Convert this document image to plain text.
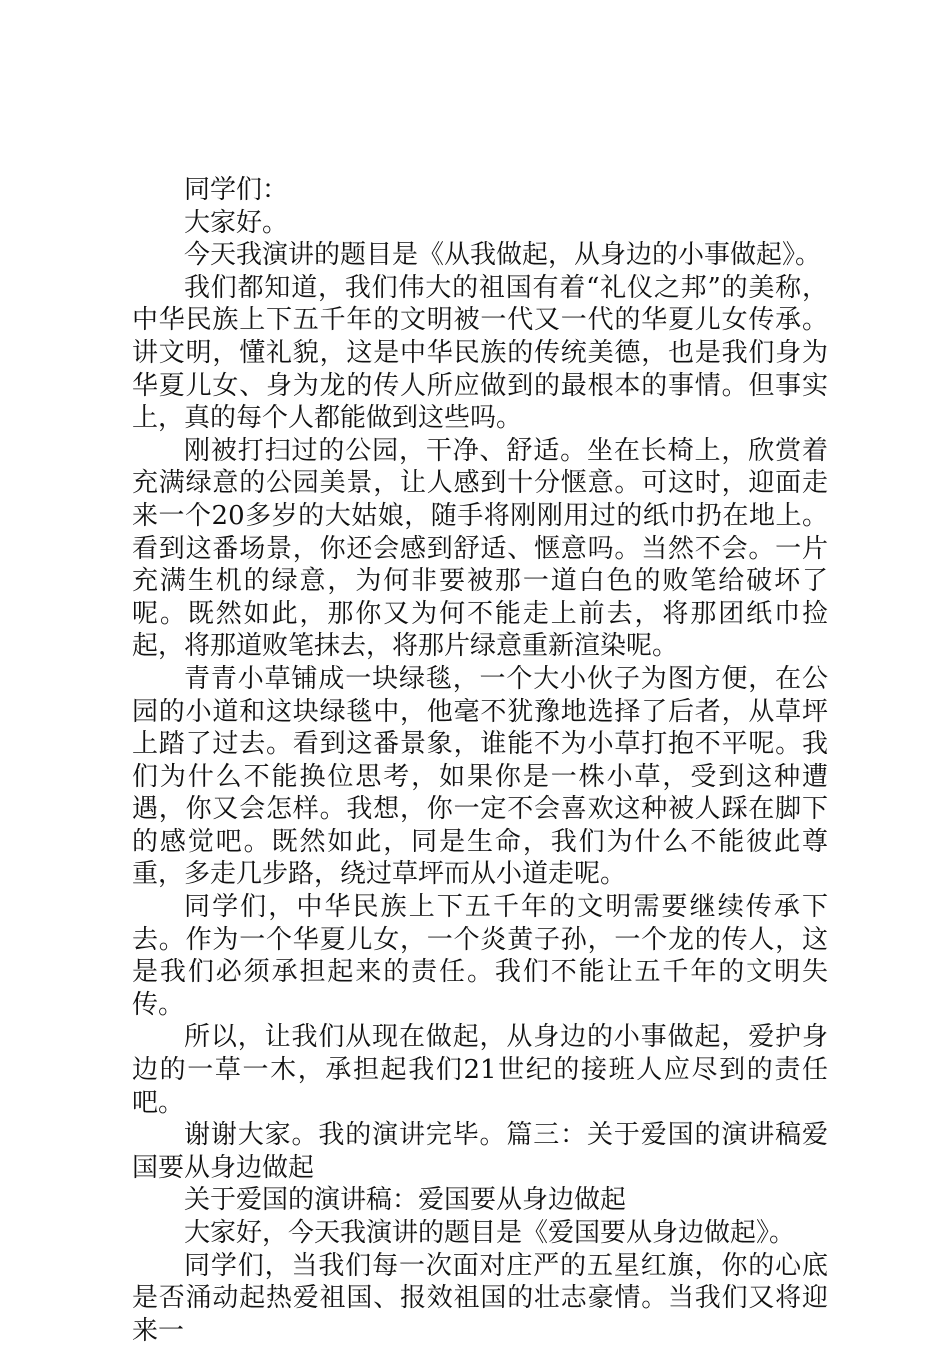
同学们：

大家好。

今天我演讲的题目是《从我做起，从身边的小事做起》。

我们都知道，我们伟大的祖国有着“礼仪之邦”的美称，中华民族上下五千年的文明被一代又一代的华夏儿女传承。讲文明，懂礼貌，这是中华民族的传统美德，也是我们身为华夏儿女、身为龙的传人所应做到的最根本的事情。但事实上，真的每个人都能做到这些吗。

刚被打扫过的公园，干净、舒适。坐在长椅上，欣赏着充满绿意的公园美景，让人感到十分惬意。可这时，迎面走来一个20多岁的大姑娘，随手将刚刚用过的纸巾扔在地上。看到这番场景，你还会感到舒适、惬意吗。当然不会。一片充满生机的绿意，为何非要被那一道白色的败笔给破坏了呢。既然如此，那你又为何不能走上前去，将那团纸巾捡起，将那道败笔抹去，将那片绿意重新渲染呢。

青青小草铺成一块绿毯，一个大小伙子为图方便，在公园的小道和这块绿毯中，他毫不犹豫地选择了后者，从草坪上踏了过去。看到这番景象，谁能不为小草打抱不平呢。我们为什么不能换位思考，如果你是一株小草，受到这种遭遇，你又会怎样。我想，你一定不会喜欢这种被人踩在脚下的感觉吧。既然如此，同是生命，我们为什么不能彼此尊重，多走几步路，绕过草坪而从小道走呢。

同学们，中华民族上下五千年的文明需要继续传承下去。作为一个华夏儿女，一个炎黄子孙，一个龙的传人，这是我们必须承担起来的责任。我们不能让五千年的文明失传。

所以，让我们从现在做起，从身边的小事做起，爱护身边的一草一木，承担起我们21世纪的接班人应尽到的责任吧。

谢谢大家。我的演讲完毕。篇三：关于爱国的演讲稿爱国要从身边做起

关于爱国的演讲稿：爱国要从身边做起

大家好，今天我演讲的题目是《爱国要从身边做起》。

同学们，当我们每一次面对庄严的五星红旗，你的心底是否涌动起热爱祖国、报效祖国的壮志豪情。当我们又将迎来一
